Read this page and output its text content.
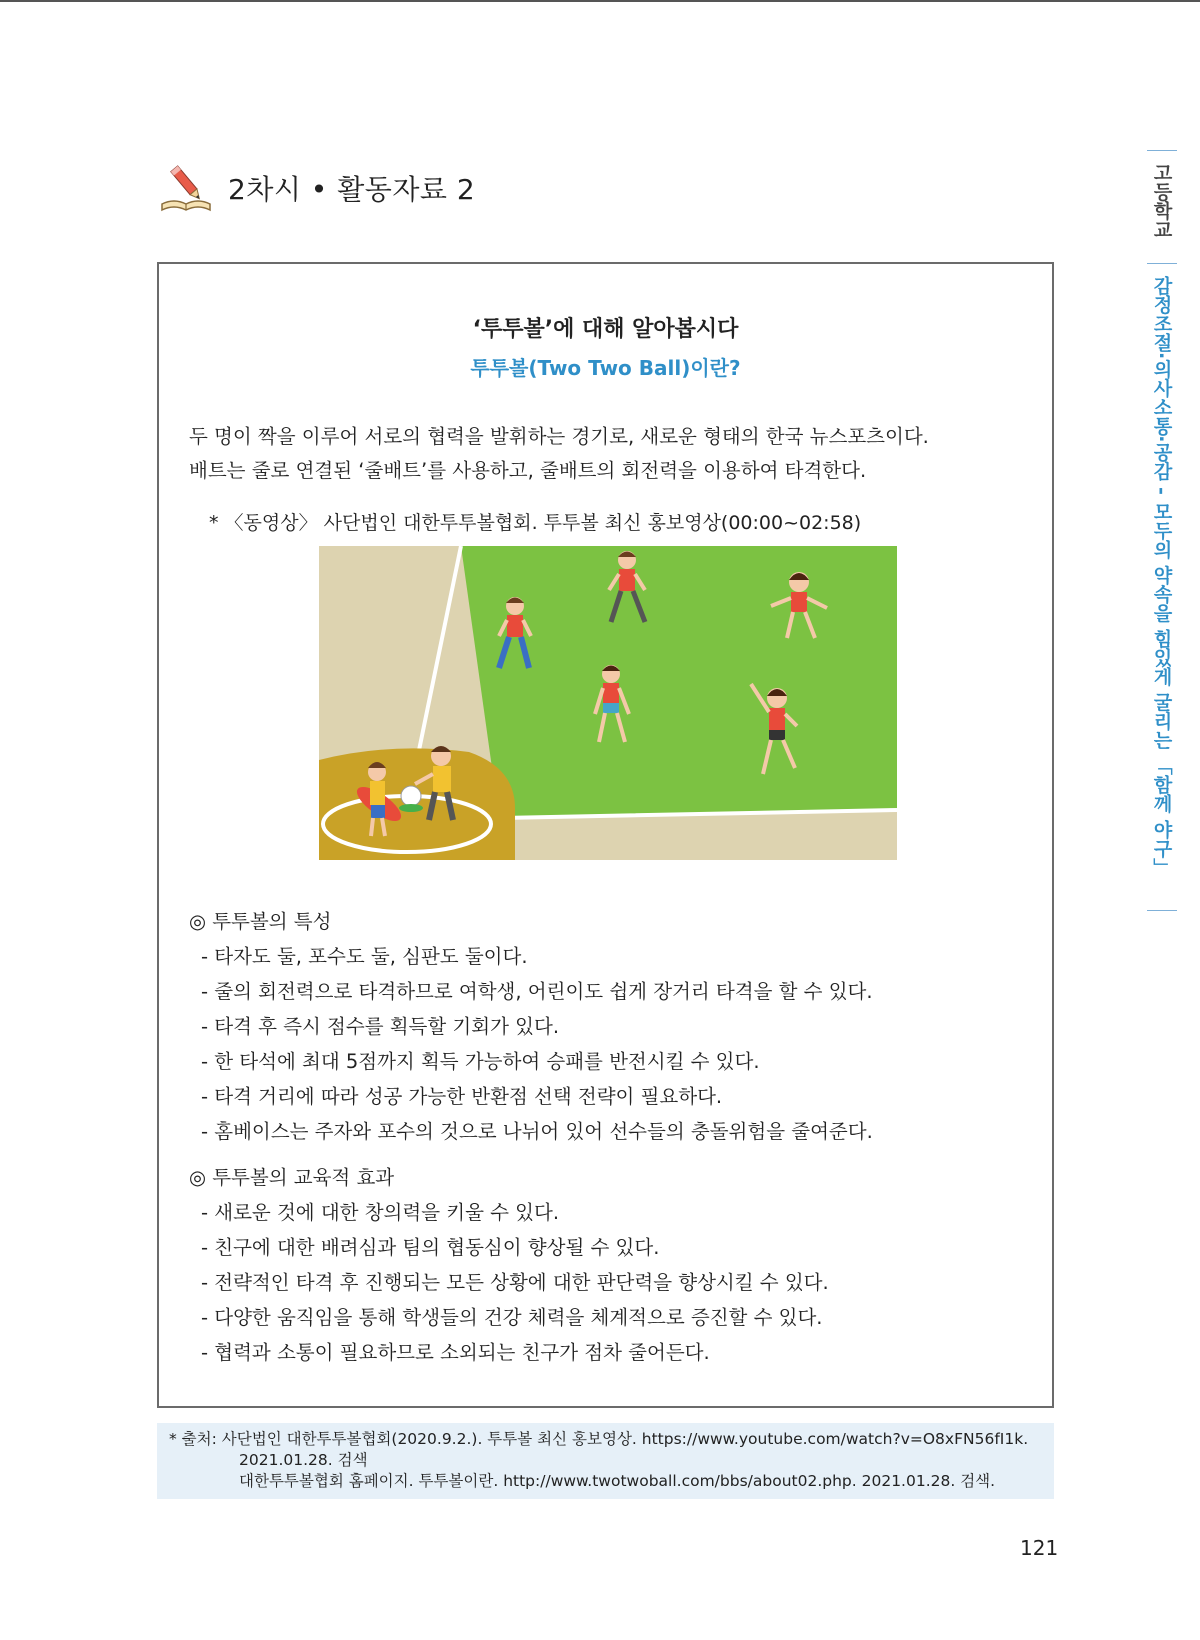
2차시 • 활동자료 2
‘투투볼’에 대해 알아봅시다
투투볼(Two Two Ball)이란?

두 명이 짝을 이루어 서로의 협력을 발휘하는 경기로, 새로운 형태의 한국 뉴스포츠이다.

배트는 줄로 연결된 ‘줄배트’를 사용하고, 줄배트의 회전력을 이용하여 타격한다.

* 〈동영상〉 사단법인 대한투투볼협회. 투투볼 최신 홍보영상(00:00~02:58)
◎ 투투볼의 특성
- 타자도 둘, 포수도 둘, 심판도 둘이다.
- 줄의 회전력으로 타격하므로 여학생, 어린이도 쉽게 장거리 타격을 할 수 있다.
- 타격 후 즉시 점수를 획득할 기회가 있다.
- 한 타석에 최대 5점까지 획득 가능하여 승패를 반전시킬 수 있다.
- 타격 거리에 따라 성공 가능한 반환점 선택 전략이 필요하다.
- 홈베이스는 주자와 포수의 것으로 나뉘어 있어 선수들의 충돌위험을 줄여준다.
◎ 투투볼의 교육적 효과
- 새로운 것에 대한 창의력을 키울 수 있다.
- 친구에 대한 배려심과 팀의 협동심이 향상될 수 있다.
- 전략적인 타격 후 진행되는 모든 상황에 대한 판단력을 향상시킬 수 있다.
- 다양한 움직임을 통해 학생들의 건강 체력을 체계적으로 증진할 수 있다.
- 협력과 소통이 필요하므로 소외되는 친구가 점차 줄어든다.
* 출처: 사단법인 대한투투볼협회(2020.9.2.). 투투볼 최신 홍보영상. https://www.youtube.com/watch?v=O8xFN56fI1k.
2021.01.28. 검색
대한투투볼협회 홈페이지. 투투볼이란. http://www.twotwoball.com/bbs/about02.php. 2021.01.28. 검색.
121
고등학교
감정조절·의사소통·공감 - 모두의 약속을 힘있게 굴리는 「함께 야구」
